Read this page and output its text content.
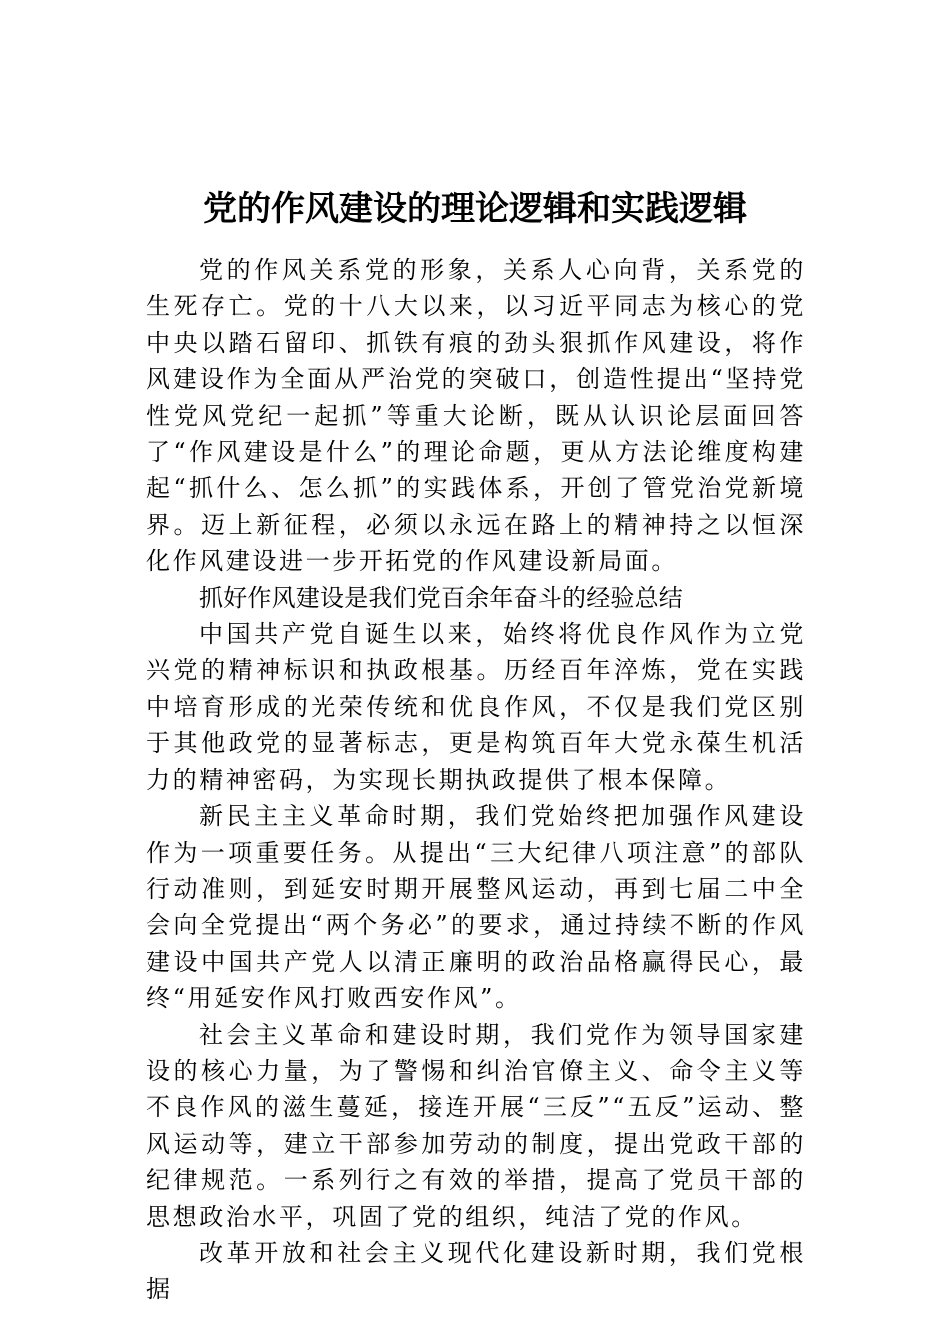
党的作风建设的理论逻辑和实践逻辑

党的作风关系党的形象，关系人心向背，关系党的生死存亡。党的十八大以来，以习近平同志为核心的党中央以踏石留印、抓铁有痕的劲头狠抓作风建设，将作风建设作为全面从严治党的突破口，创造性提出“坚持党性党风党纪一起抓”等重大论断，既从认识论层面回答了“作风建设是什么”的理论命题，更从方法论维度构建起“抓什么、怎么抓”的实践体系，开创了管党治党新境界。迈上新征程，必须以永远在路上的精神持之以恒深化作风建设进一步开拓党的作风建设新局面。

抓好作风建设是我们党百余年奋斗的经验总结

中国共产党自诞生以来，始终将优良作风作为立党兴党的精神标识和执政根基。历经百年淬炼，党在实践中培育形成的光荣传统和优良作风，不仅是我们党区别于其他政党的显著标志，更是构筑百年大党永葆生机活力的精神密码，为实现长期执政提供了根本保障。

新民主主义革命时期，我们党始终把加强作风建设作为一项重要任务。从提出“三大纪律八项注意”的部队行动准则，到延安时期开展整风运动，再到七届二中全会向全党提出“两个务必”的要求，通过持续不断的作风建设中国共产党人以清正廉明的政治品格赢得民心，最终“用延安作风打败西安作风”。

社会主义革命和建设时期，我们党作为领导国家建设的核心力量，为了警惕和纠治官僚主义、命令主义等不良作风的滋生蔓延，接连开展“三反”“五反”运动、整风运动等，建立干部参加劳动的制度，提出党政干部的纪律规范。一系列行之有效的举措，提高了党员干部的思想政治水平，巩固了党的组织，纯洁了党的作风。

改革开放和社会主义现代化建设新时期，我们党根据
